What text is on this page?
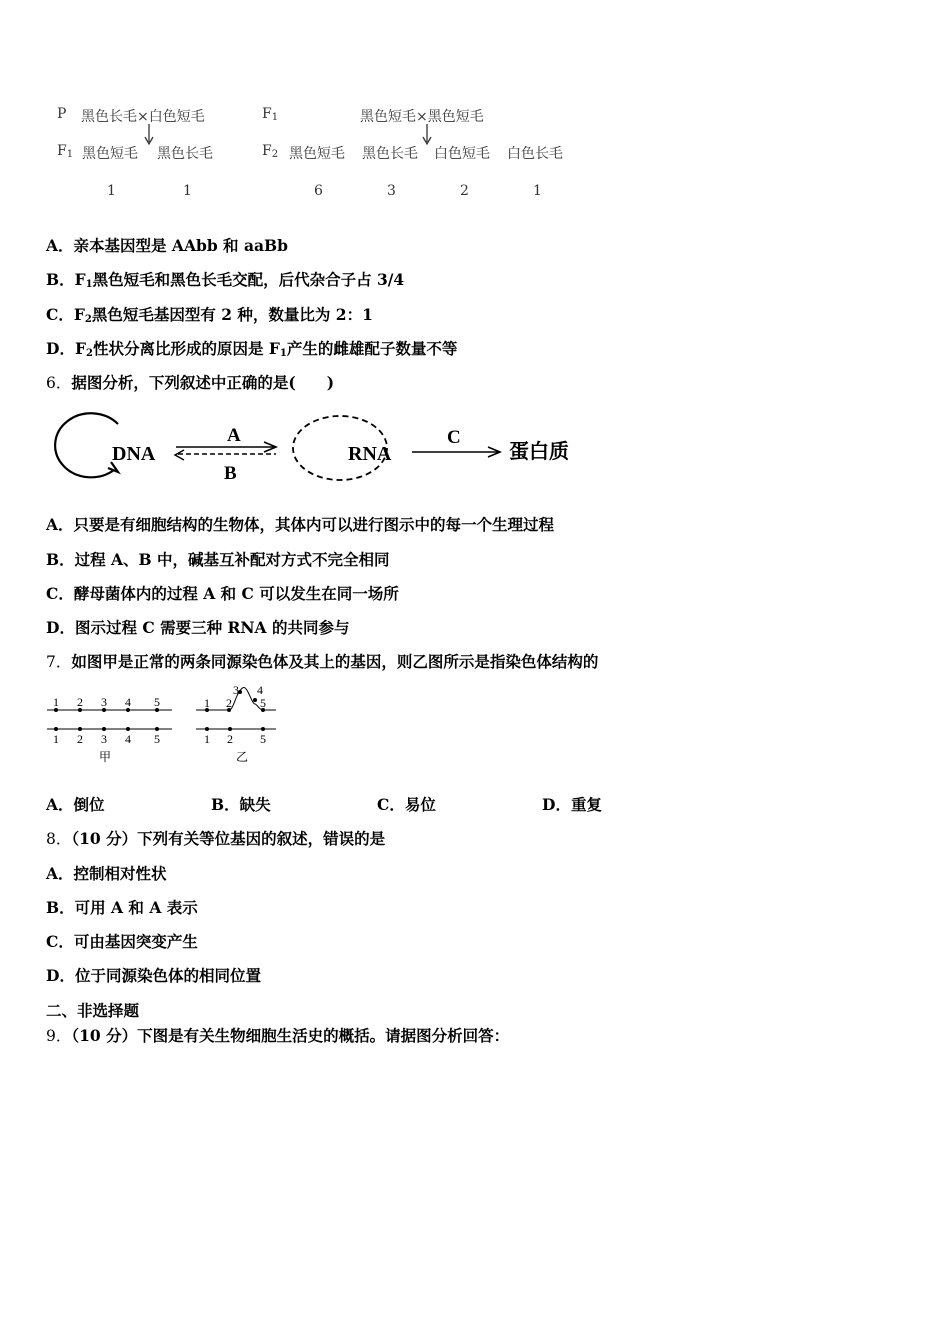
P 黑色长毛×白色短毛
$F_1$ 黑色短毛 黑色长毛
1	1
$F_1$	黑色短毛×黑色短毛
$F_2$ 黑色短毛 黑色长毛 白色短毛 白色长毛
6	3	2	1
A．亲本基因型是 AAbb 和 aaBb
B．$F_1$黑色短毛和黑色长毛交配，后代杂合子占 3/4
C．$F_2$黑色短毛基因型有 2 种，数量比为 2：1
D．$F_2$性状分离比形成的原因是 $F_1$产生的雌雄配子数量不等
6．据图分析，下列叙述中正确的是(　　)
DNA
A
B
RNA
C
蛋白质
A．只要是有细胞结构的生物体，其体内可以进行图示中的每一个生理过程
B．过程 A、B 中，碱基互补配对方式不完全相同
C．酵母菌体内的过程 A 和 C 可以发生在同一场所
D．图示过程 C 需要三种 RNA 的共同参与
7．如图甲是正常的两条同源染色体及其上的基因，则乙图所示是指染色体结构的
1 2 3 4 5
1 2 3 4 5
甲
1 2
3 4
5
1 2 5
乙
A．倒位	B．缺失	C．易位	D．重复
8．（10 分）下列有关等位基因的叙述，错误的是
A．控制相对性状
B．可用 A 和 A 表示
C．可由基因突变产生
D．位于同源染色体的相同位置
二、非选择题
9．（10 分）下图是有关生物细胞生活史的概括。请据图分析回答：
